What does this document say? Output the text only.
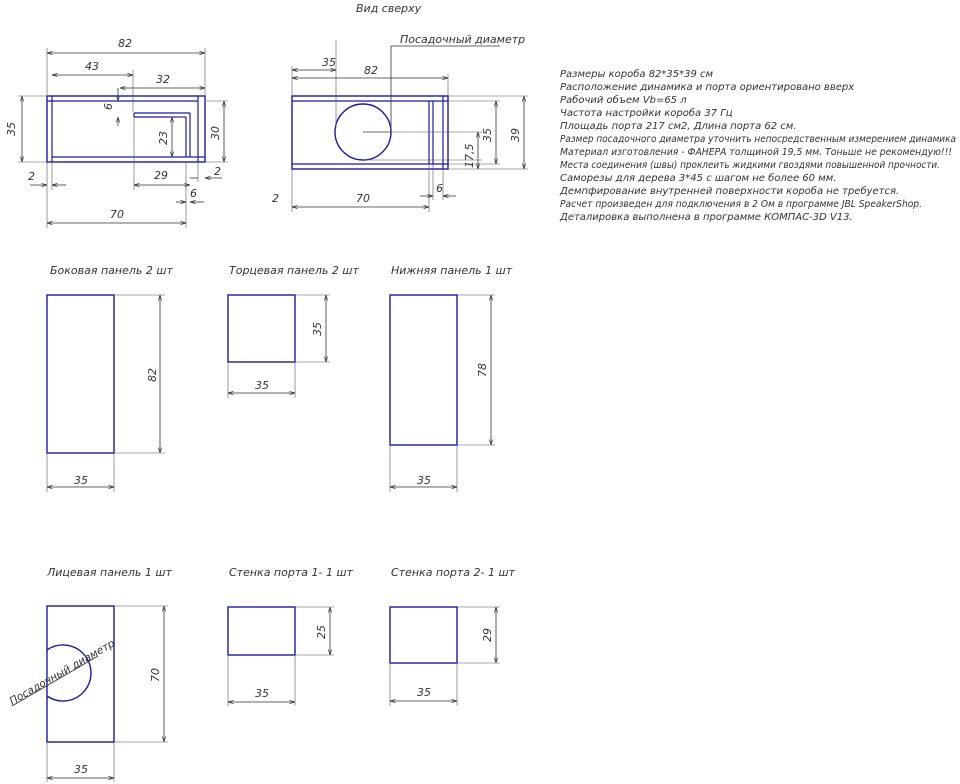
Вид сверху
82
43
32
6
23	30
35
2	29	2
6
70
Посадочный диаметр
35
82
17,5
35 39
2	70
6
Размеры короба 82*35*39 см
Расположение динамика и порта ориентировано вверх
Рабочий объем Vb=65 л
Частота настройки короба 37 Гц
Площадь порта 217 см2, Длина порта 62 см.
Размер посадочного диаметра уточнить непосредственным измерением динамика
Материал изготовления - ФАНЕРА толщиной 19,5 мм. Тоньше не рекомендую!!!
Места соединения (швы) проклеить жидкими гвоздями повышенной прочности.
Саморезы для дерева 3*45 с шагом не более 60 мм.
Демпфирование внутренней поверхности короба не требуется.
Расчет произведен для подключения в 2 Ом в программе JBL SpeakerShop.
Деталировка выполнена в программе КОМПАС-3D V13.
Боковая панель 2 шт
82
35
Торцевая панель 2 шт
35
35
Нижняя панель 1 шт
78
35
Лицевая панель 1 шт
Посадочный диаметр	70
35
Стенка порта 1- 1 шт
25
35
Стенка порта 2- 1 шт
29
35
